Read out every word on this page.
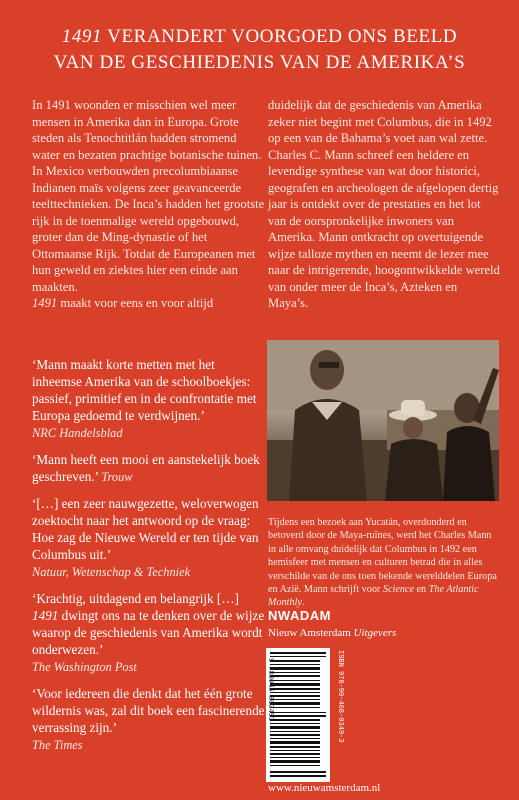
1491 VERANDERT VOORGOED ONS BEELD
VAN DE GESCHIEDENIS VAN DE AMERIKA’S

In 1491 woonden er misschien wel meer mensen in Amerika dan in Europa. Grote steden als Tenochtitlán hadden stromend water en bezaten prachtige botanische tuinen. In Mexico verbouwden precolumbiaanse Indianen maïs volgens zeer geavanceerde teelttechnieken. De Inca’s hadden het grootste rijk in de toenmalige wereld opgebouwd, groter dan de Ming-dynastie of het Ottomaanse Rijk. Totdat de Europeanen met hun geweld en ziektes hier een einde aan maakten.

1491 maakt voor eens en voor altijd

duidelijk dat de geschiedenis van Amerika zeker niet begint met Columbus, die in 1492 op een van de Bahama’s voet aan wal zette. Charles C. Mann schreef een heldere en levendige synthese van wat door historici, geografen en archeologen de afgelopen dertig jaar is ontdekt over de prestaties en het lot van de oorspronkelijke inwoners van Amerika. Mann ontkracht op overtuigende wijze talloze mythen en neemt de lezer mee naar de intrigerende, hoogontwikkelde wereld van onder meer de Inca’s, Azteken en Maya’s.

‘Mann maakt korte metten met het inheemse Amerika van de schoolboekjes: passief, primitief en in de confrontatie met Europa gedoemd te verdwijnen.’
NRC Handelsblad

‘Mann heeft een mooi en aanstekelijk boek geschreven.’ Trouw

‘[…] een zeer nauwgezette, weloverwogen zoektocht naar het antwoord op de vraag: Hoe zag de Nieuwe Wereld er ten tijde van Columbus uit.’
Natuur, Wetenschap & Techniek

‘Krachtig, uitdagend en belangrijk […] 1491 dwingt ons na te denken over de wijze waarop de geschiedenis van Amerika wordt onderwezen.’
The Washington Post

‘Voor iedereen die denkt dat het één grote wildernis was, zal dit boek een fascinerende verrassing zijn.’
The Times

Tijdens een bezoek aan Yucatán, overdonderd en betoverd door de Maya-ruïnes, werd het Charles Mann in alle omvang duidelijk dat Columbus in 1492 een hemisfeer met mensen en culturen betrad die in alles verschilde van de ons toen bekende werelddelen Europa en Azië. Mann schrijft voor Science en The Atlantic Monthly.

NWADAM
Nieuw Amsterdam Uitgevers
9 789046 803493	ISBN 978-90-468-0349-3
www.nieuwamsterdam.nl
